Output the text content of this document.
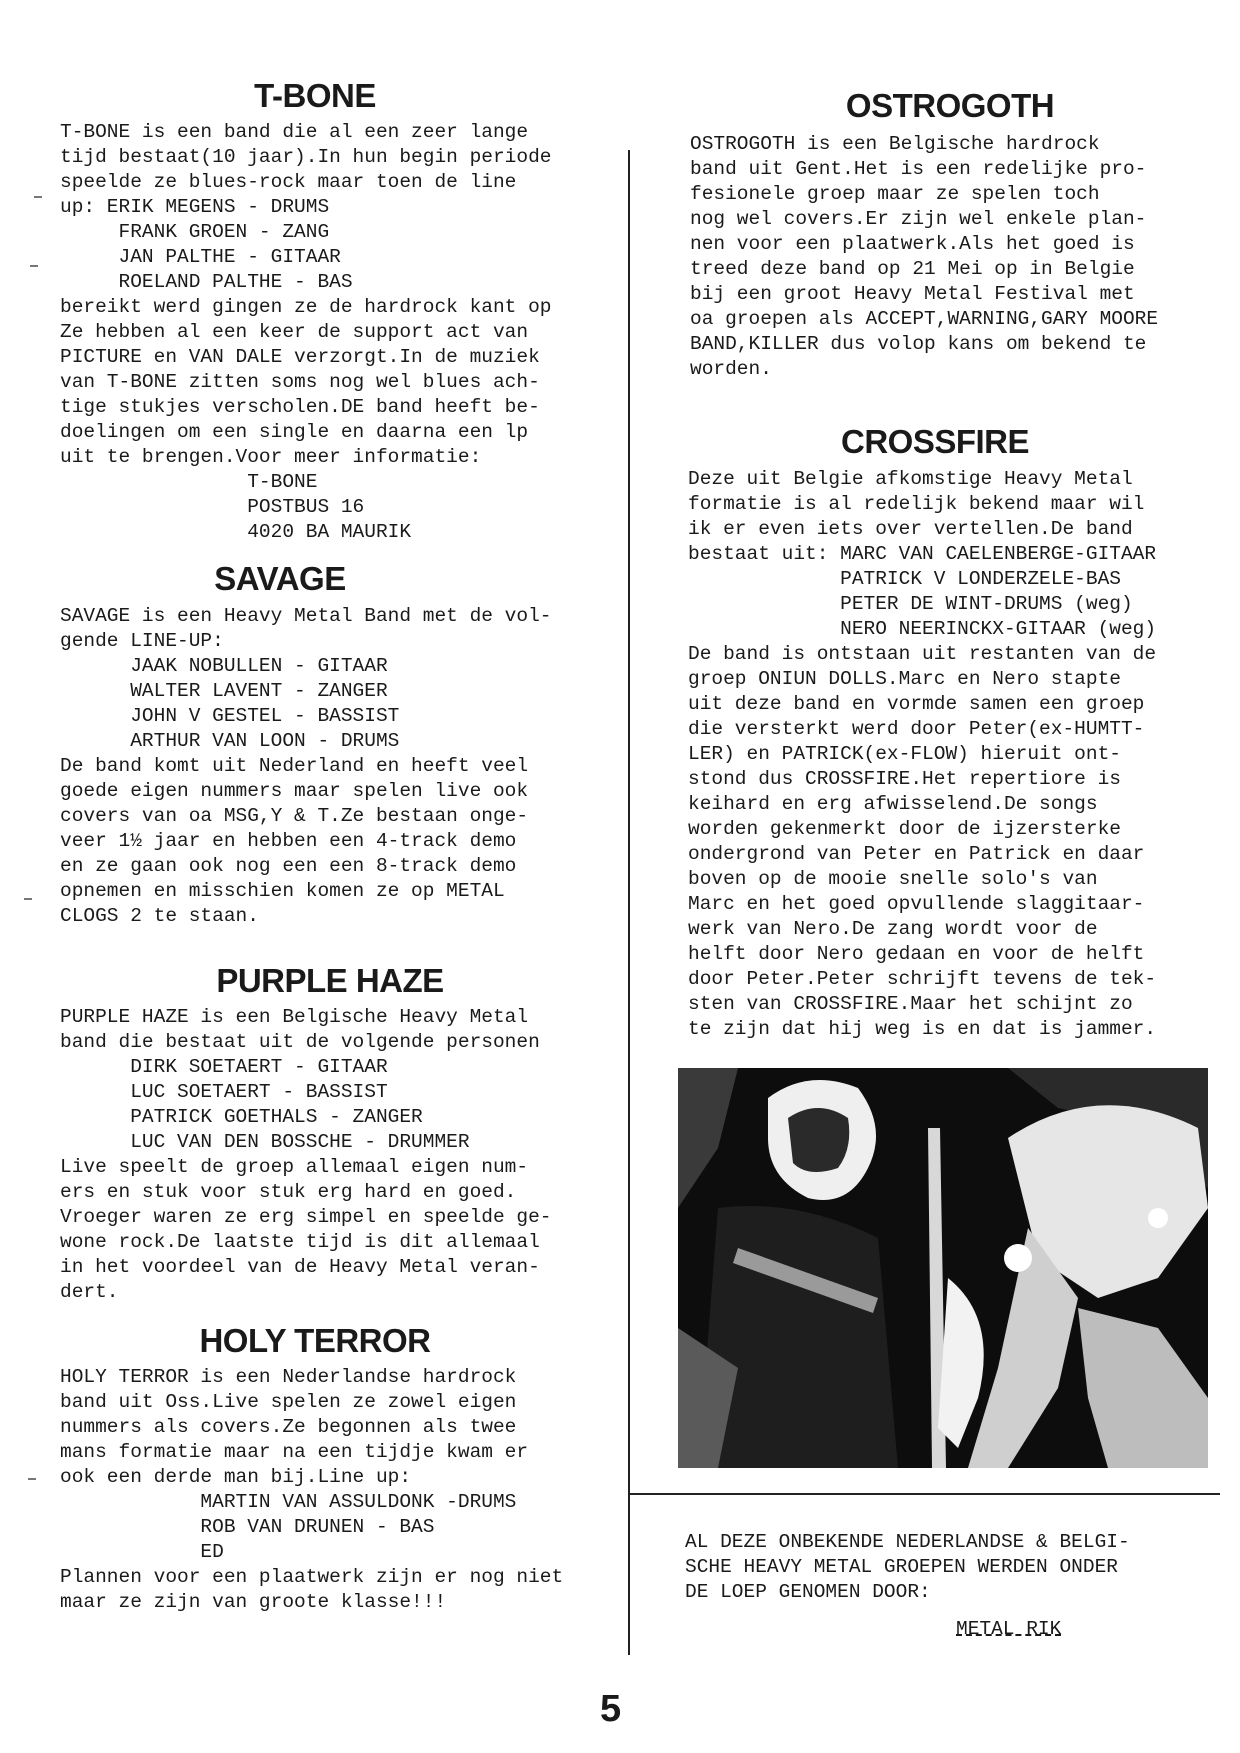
T-BONE

T-BONE is een band die al een zeer lange
tijd bestaat(10 jaar).In hun begin periode
speelde ze blues-rock maar toen de line
up: ERIK MEGENS - DRUMS
FRANK GROEN - ZANG
JAN PALTHE - GITAAR
ROELAND PALTHE - BAS
bereikt werd gingen ze de hardrock kant op
Ze hebben al een keer de support act van
PICTURE en VAN DALE verzorgt.In de muziek
van T-BONE zitten soms nog wel blues ach-
tige stukjes verscholen.DE band heeft be-
doelingen om een single en daarna een lp
uit te brengen.Voor meer informatie:
T-BONE
POSTBUS 16
4020 BA MAURIK

SAVAGE

SAVAGE is een Heavy Metal Band met de vol-
gende LINE-UP:
JAAK NOBULLEN - GITAAR
WALTER LAVENT - ZANGER
JOHN V GESTEL - BASSIST
ARTHUR VAN LOON - DRUMS
De band komt uit Nederland en heeft veel
goede eigen nummers maar spelen live ook
covers van oa MSG,Y & T.Ze bestaan onge-
veer 1½ jaar en hebben een 4-track demo
en ze gaan ook nog een een 8-track demo
opnemen en misschien komen ze op METAL
CLOGS 2 te staan.

PURPLE HAZE

PURPLE HAZE is een Belgische Heavy Metal
band die bestaat uit de volgende personen
DIRK SOETAERT - GITAAR
LUC SOETAERT - BASSIST
PATRICK GOETHALS - ZANGER
LUC VAN DEN BOSSCHE - DRUMMER
Live speelt de groep allemaal eigen num-
ers en stuk voor stuk erg hard en goed.
Vroeger waren ze erg simpel en speelde ge-
wone rock.De laatste tijd is dit allemaal
in het voordeel van de Heavy Metal veran-
dert.

HOLY TERROR

HOLY TERROR is een Nederlandse hardrock
band uit Oss.Live spelen ze zowel eigen
nummers als covers.Ze begonnen als twee
mans formatie maar na een tijdje kwam er
ook een derde man bij.Line up:
MARTIN VAN ASSULDONK -DRUMS
ROB VAN DRUNEN - BAS
ED
Plannen voor een plaatwerk zijn er nog niet
maar ze zijn van groote klasse!!!

OSTROGOTH

OSTROGOTH is een Belgische hardrock
band uit Gent.Het is een redelijke pro-
fesionele groep maar ze spelen toch
nog wel covers.Er zijn wel enkele plan-
nen voor een plaatwerk.Als het goed is
treed deze band op 21 Mei op in Belgie
bij een groot Heavy Metal Festival met
oa groepen als ACCEPT,WARNING,GARY MOORE
BAND,KILLER dus volop kans om bekend te
worden.

CROSSFIRE

Deze uit Belgie afkomstige Heavy Metal
formatie is al redelijk bekend maar wil
ik er even iets over vertellen.De band
bestaat uit: MARC VAN CAELENBERGE-GITAAR
PATRICK V LONDERZELE-BAS
PETER DE WINT-DRUMS (weg)
NERO NEERINCKX-GITAAR (weg)
De band is ontstaan uit restanten van de
groep ONIUN DOLLS.Marc en Nero stapte
uit deze band en vormde samen een groep
die versterkt werd door Peter(ex-HUMTT-
LER) en PATRICK(ex-FLOW) hieruit ont-
stond dus CROSSFIRE.Het repertiore is
keihard en erg afwisselend.De songs
worden gekenmerkt door de ijzersterke
ondergrond van Peter en Patrick en daar
boven op de mooie snelle solo's van
Marc en het goed opvullende slaggitaar-
werk van Nero.De zang wordt voor de
helft door Nero gedaan en voor de helft
door Peter.Peter schrijft tevens de tek-
sten van CROSSFIRE.Maar het schijnt zo
te zijn dat hij weg is en dat is jammer.

AL DEZE ONBEKENDE NEDERLANDSE & BELGI-
SCHE HEAVY METAL GROEPEN WERDEN ONDER
DE LOEP GENOMEN DOOR:

METAL RIK
5
